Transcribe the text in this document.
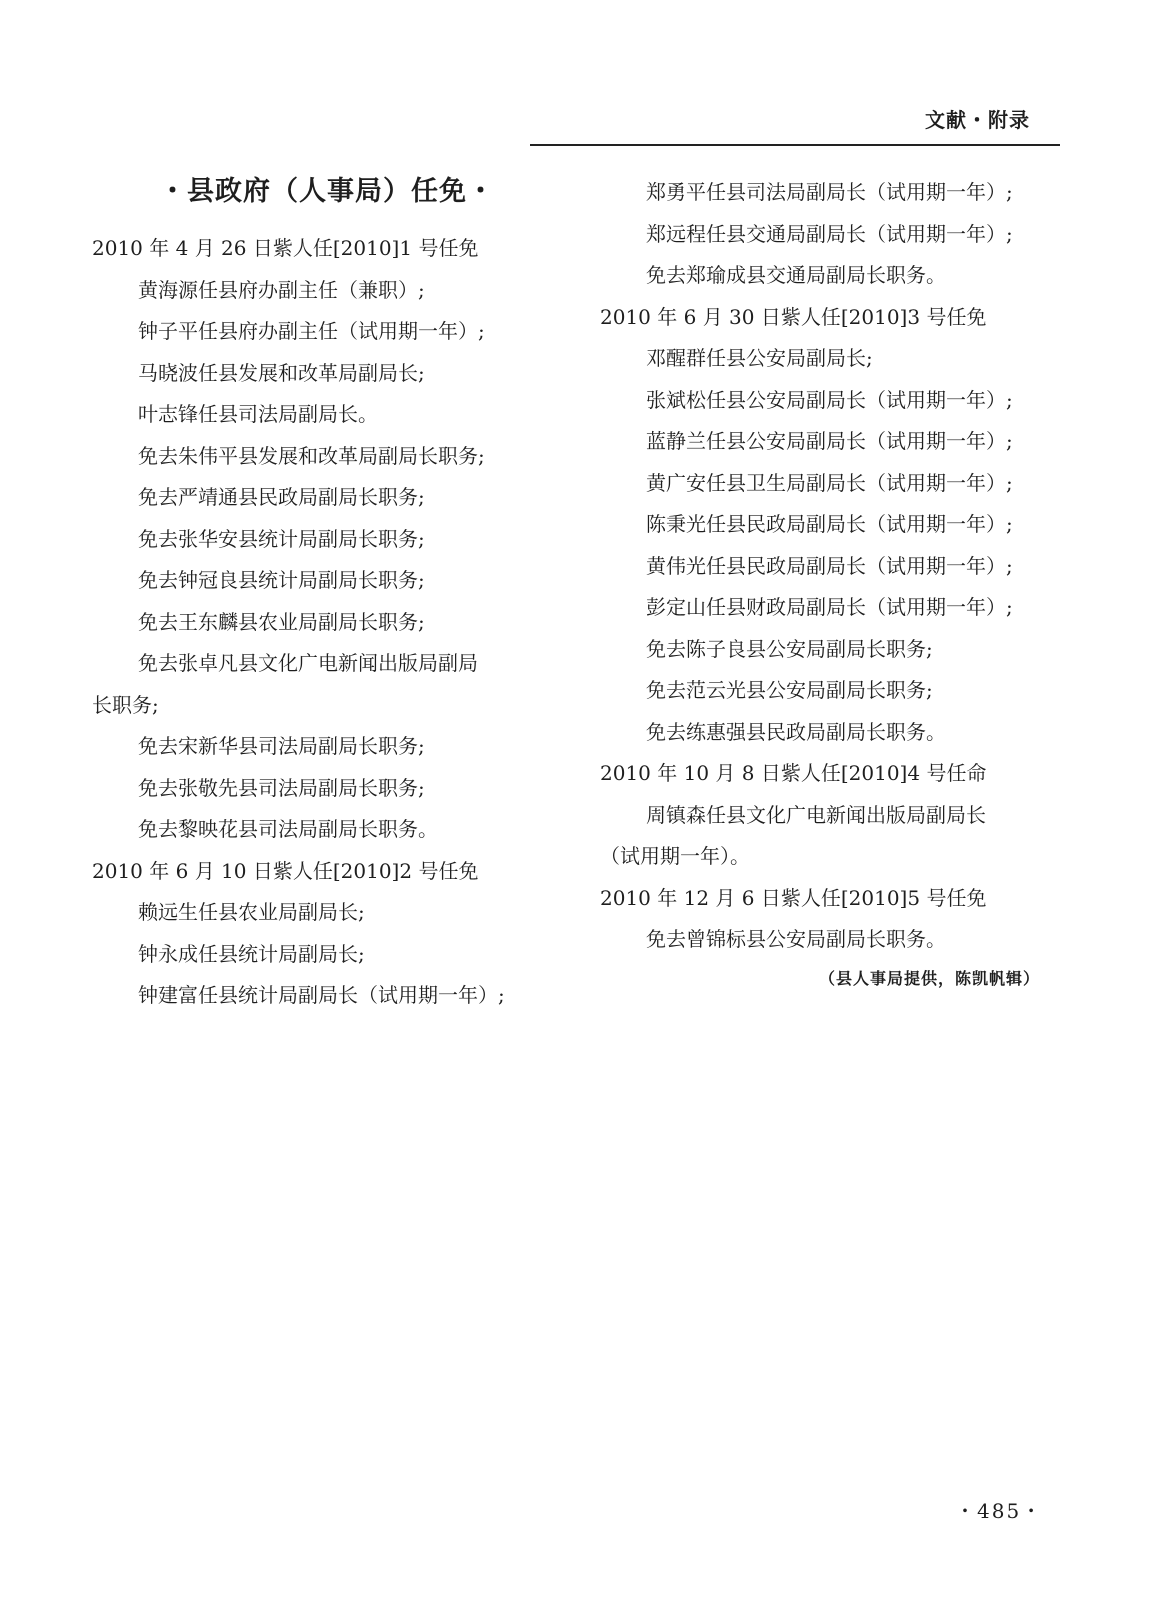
文献・附录
・县政府（人事局）任免・
2010 年 4 月 26 日紫人任[2010]1 号任免
黄海源任县府办副主任（兼职）;
钟子平任县府办副主任（试用期一年）;
马晓波任县发展和改革局副局长;
叶志锋任县司法局副局长。
免去朱伟平县发展和改革局副局长职务;
免去严靖通县民政局副局长职务;
免去张华安县统计局副局长职务;
免去钟冠良县统计局副局长职务;
免去王东麟县农业局副局长职务;
免去张卓凡县文化广电新闻出版局副局
长职务;
免去宋新华县司法局副局长职务;
免去张敬先县司法局副局长职务;
免去黎映花县司法局副局长职务。
2010 年 6 月 10 日紫人任[2010]2 号任免
赖远生任县农业局副局长;
钟永成任县统计局副局长;
钟建富任县统计局副局长（试用期一年）;
郑勇平任县司法局副局长（试用期一年）;
郑远程任县交通局副局长（试用期一年）;
免去郑瑜成县交通局副局长职务。
2010 年 6 月 30 日紫人任[2010]3 号任免
邓醒群任县公安局副局长;
张斌松任县公安局副局长（试用期一年）;
蓝静兰任县公安局副局长（试用期一年）;
黄广安任县卫生局副局长（试用期一年）;
陈秉光任县民政局副局长（试用期一年）;
黄伟光任县民政局副局长（试用期一年）;
彭定山任县财政局副局长（试用期一年）;
免去陈子良县公安局副局长职务;
免去范云光县公安局副局长职务;
免去练惠强县民政局副局长职务。
2010 年 10 月 8 日紫人任[2010]4 号任命
周镇森任县文化广电新闻出版局副局长
（试用期一年）。
2010 年 12 月 6 日紫人任[2010]5 号任免
免去曾锦标县公安局副局长职务。
（县人事局提供，陈凯帆辑）
・485・
